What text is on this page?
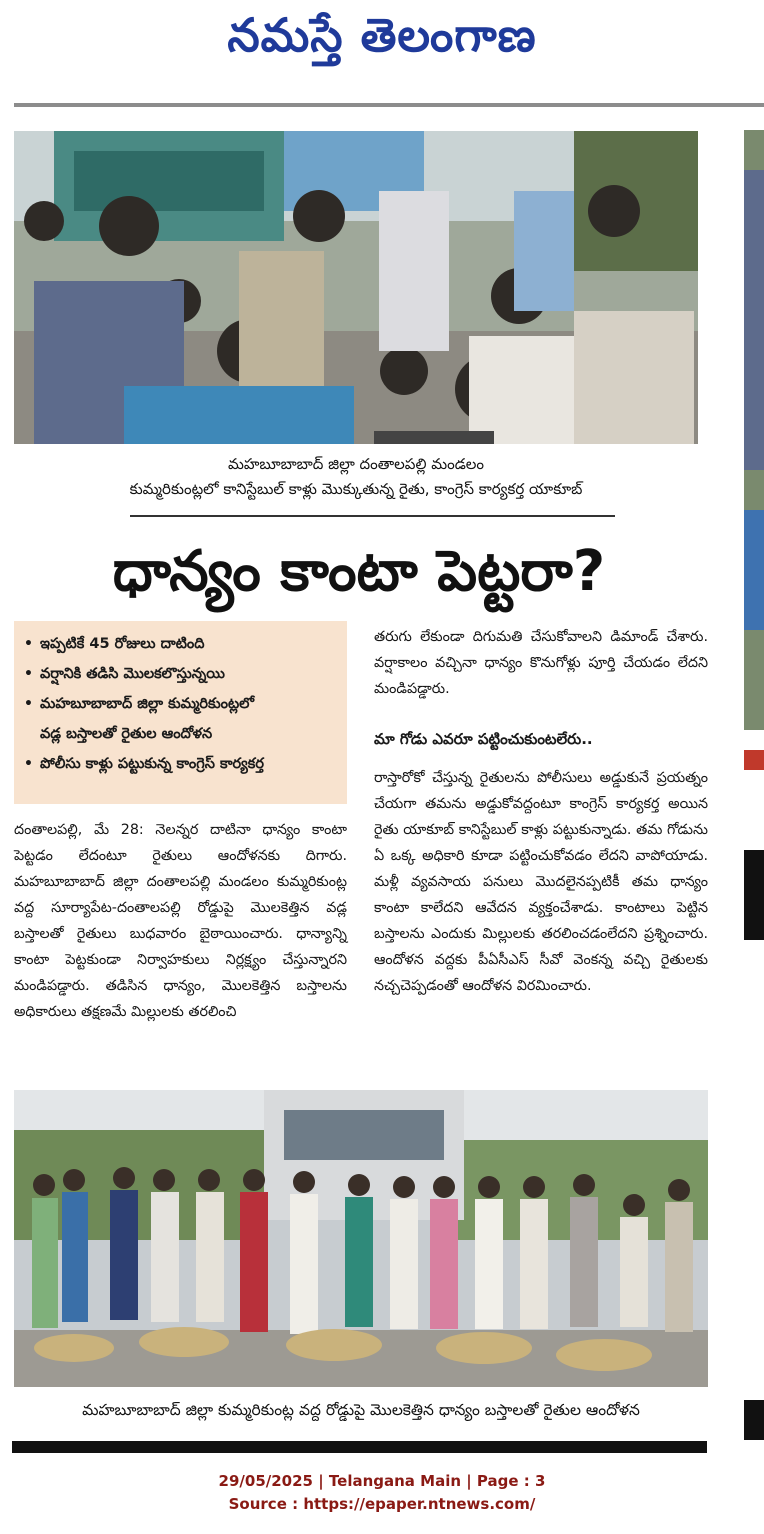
నమస్తే తెలంగాణ
మహబూబాబాద్ జిల్లా దంతాలపల్లి మండలం
కుమ్మరికుంట్లలో కానిస్టేబుల్ కాళ్లు మొక్కుతున్న రైతు, కాంగ్రెస్ కార్యకర్త యాకూబ్
ధాన్యం కాంటా పెట్టరా?
• ఇప్పటికే 45 రోజులు దాటింది
• వర్షానికి తడిసి మొలకలొస్తున్నయి
• మహబూబాబాద్ జిల్లా కుమ్మరికుంట్లలో
వడ్ల బస్తాలతో రైతుల ఆందోళన
• పోలీసు కాళ్లు పట్టుకున్న కాంగ్రెస్ కార్యకర్త

దంతాలపల్లి, మే 28: నెలన్నర దాటినా ధాన్యం కాంటా పెట్టడం లేదంటూ రైతులు ఆందోళనకు దిగారు. మహబూబాబాద్ జిల్లా దంతాలపల్లి మండలం కుమ్మరికుంట్ల వద్ద సూర్యాపేట-దంతాలపల్లి రోడ్డుపై మొలకెత్తిన వడ్ల బస్తాలతో రైతులు బుధవారం బైఠాయించారు. ధాన్యాన్ని కాంటా పెట్టకుండా నిర్వాహకులు నిర్లక్ష్యం చేస్తున్నారని మండిపడ్డారు. తడిసిన ధాన్యం, మొలకెత్తిన బస్తాలను అధికారులు తక్షణమే మిల్లులకు తరలించి

తరుగు లేకుండా దిగుమతి చేసుకోవాలని డిమాండ్ చేశారు. వర్షాకాలం వచ్చినా ధాన్యం కొనుగోళ్లు పూర్తి చేయడం లేదని మండిపడ్డారు.

మా గోడు ఎవరూ పట్టించుకుంటలేరు..

రాస్తారోకో చేస్తున్న రైతులను పోలీసులు అడ్డుకునే ప్రయత్నం చేయగా తమను అడ్డుకోవద్దంటూ కాంగ్రెస్ కార్యకర్త అయిన రైతు యాకూబ్ కానిస్టేబుల్ కాళ్లు పట్టుకున్నాడు. తమ గోడును ఏ ఒక్క అధికారి కూడా పట్టించుకోవడం లేదని వాపోయాడు. మళ్లీ వ్యవసాయ పనులు మొదలైనప్పటికీ తమ ధాన్యం కాంటా కాలేదని ఆవేదన వ్యక్తంచేశాడు. కాంటాలు పెట్టిన బస్తాలను ఎందుకు మిల్లులకు తరలించడంలేదని ప్రశ్నించారు. ఆందోళన వద్దకు పీఏసీఎస్ సీవో వెంకన్న వచ్చి రైతులకు నచ్చచెప్పడంతో ఆందోళన విరమించారు.

మహబూబాబాద్ జిల్లా కుమ్మరికుంట్ల వద్ద రోడ్డుపై మొలకెత్తిన ధాన్యం బస్తాలతో రైతుల ఆందోళన
29/05/2025 | Telangana Main | Page : 3
Source : https://epaper.ntnews.com/
